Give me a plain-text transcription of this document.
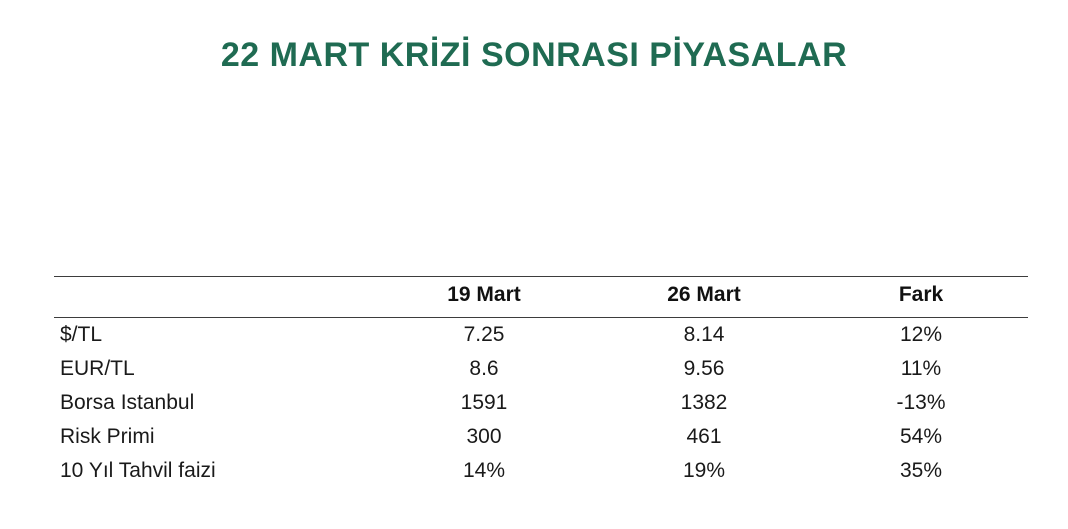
22 MART KRİZİ SONRASI PİYASALAR
	19 Mart	26 Mart	Fark
$/TL	7.25	8.14	12%
EUR/TL	8.6	9.56	11%
Borsa Istanbul	1591	1382	-13%
Risk Primi	300	461	54%
10 Yıl Tahvil faizi	14%	19%	35%
